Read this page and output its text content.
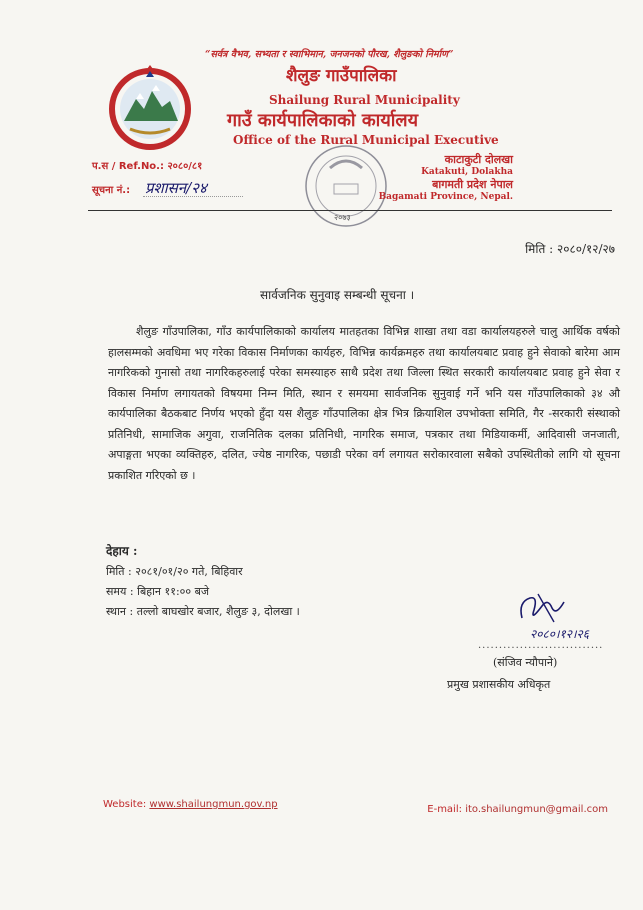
“सर्वत्र वैभव, सभ्यता र स्वाभिमान, जनजनको पौरख, शैलुङको निर्माण”
शैलुङ गाउँपालिका
Shailung Rural Municipality
गाउँ कार्यपालिकाको कार्यालय
Office of the Rural Municipal Executive
प.स / Ref.No.: २०८०/८१
सूचना नं.: प्रशासन/२४
२०७३
काटाकुटी दोलखा
Katakuti, Dolakha
बागमती प्रदेश नेपाल
Bagamati Province, Nepal.
मिति : २०८०/१२/२७
सार्वजनिक सुनुवाइ सम्बन्धी सूचना ।
शैलुङ गाँउपालिका, गाँउ कार्यपालिकाको कार्यालय मातहतका विभिन्न शाखा तथा वडा कार्यालयहरुले चालु आर्थिक वर्षको हालसम्मको अवधिमा भए गरेका विकास निर्माणका कार्यहरु, विभिन्न कार्यक्रमहरु तथा कार्यालयबाट प्रवाह हुने सेवाको बारेमा आम नागरिकको गुनासो तथा नागरिकहरुलाई परेका समस्याहरु साथै प्रदेश तथा जिल्ला स्थित सरकारी कार्यालयबाट प्रवाह हुने सेवा र विकास निर्माण लगायतको विषयमा निम्न मिति, स्थान र समयमा सार्वजनिक सुनुवाई गर्ने भनि यस गाँउपालिकाको ३४ औ कार्यपालिका बैठकबाट निर्णय भएको हुँदा यस शैलुङ गाँउपालिका क्षेत्र भित्र क्रियाशिल उपभोक्ता समिति, गैर -सरकारी संस्थाको प्रतिनिधी, सामाजिक अगुवा, राजनितिक दलका प्रतिनिधी, नागरिक समाज, पत्रकार तथा मिडियाकर्मी, आदिवासी जनजाती, अपाङ्गता भएका व्यक्तिहरु, दलित, ज्येष्ठ नागरिक, पछाडी परेका वर्ग लगायत सरोकारवाला सबैको उपस्थितीको लागि यो सूचना प्रकाशित गरिएको छ ।
देहाय :
मिति : २०८१/०१/२० गते, बिहिवार
समय : बिहान ११:०० बजे
स्थान : तल्लो बाघखोर बजार, शैलुङ ३, दोलखा ।
२०८०।१२।२६
..............................
(संजिव न्यौपाने)
प्रमुख प्रशासकीय अधिकृत
Website: www.shailungmun.gov.np	E-mail: ito.shailungmun@gmail.com
